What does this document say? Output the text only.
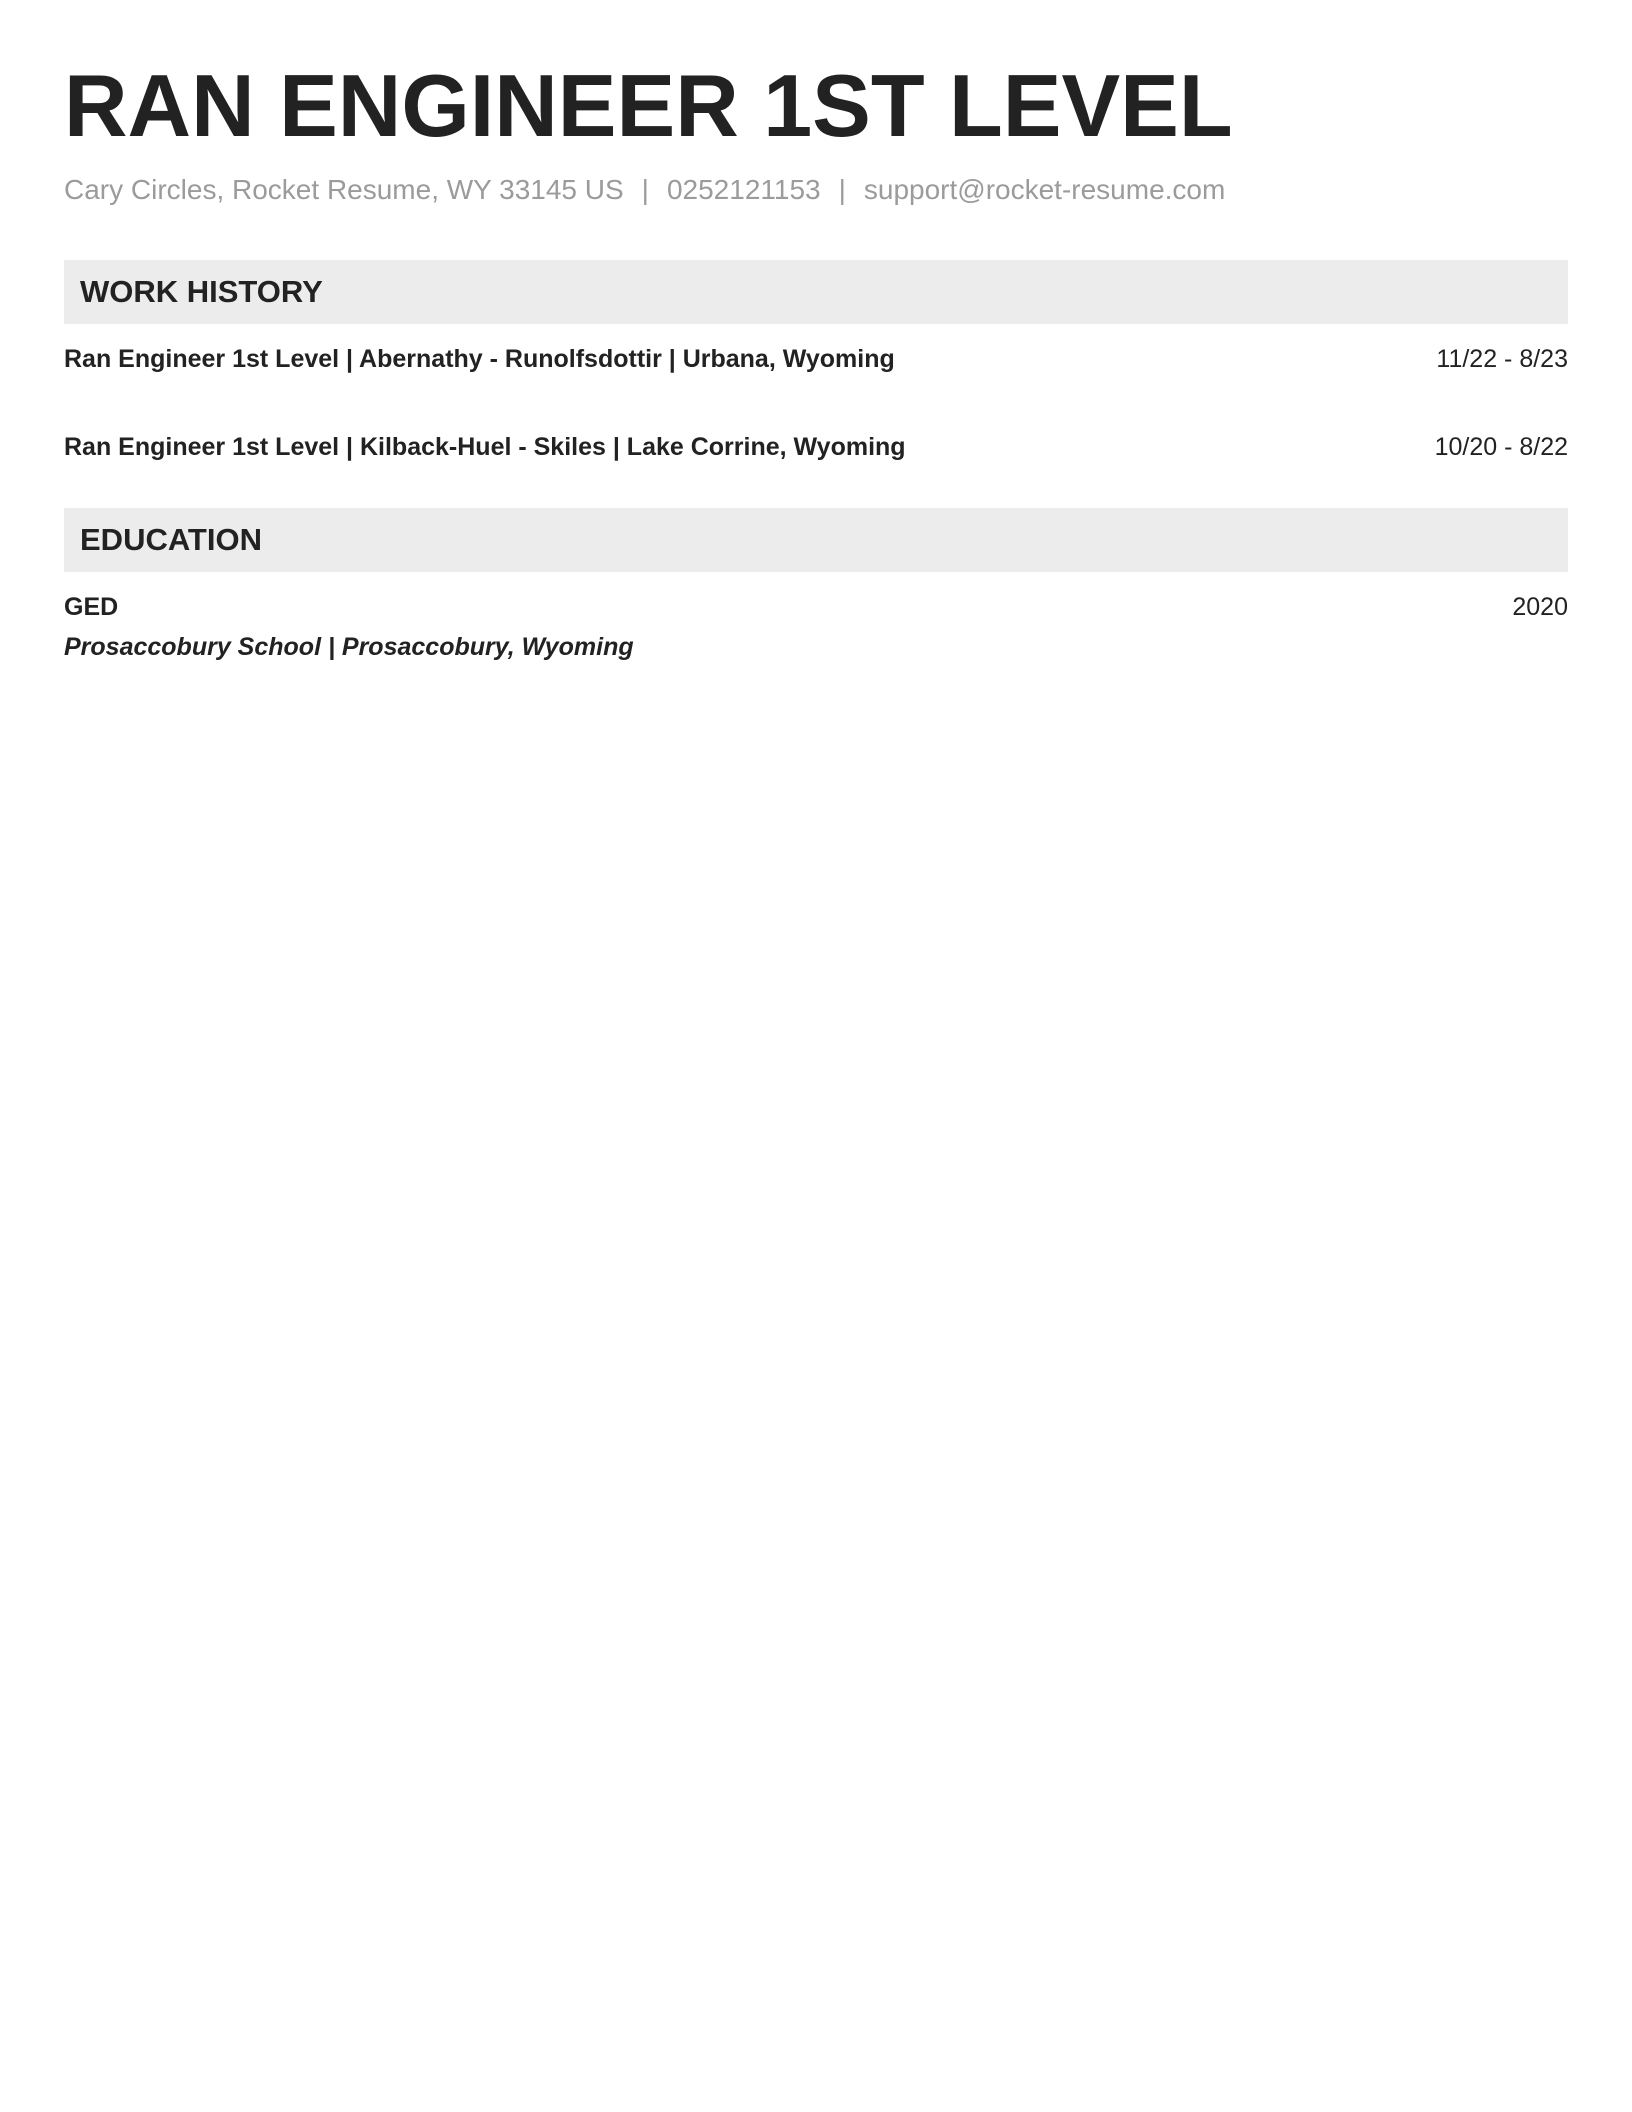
RAN ENGINEER 1ST LEVEL
Cary Circles, Rocket Resume, WY 33145 US | 0252121153 | support@rocket-resume.com
WORK HISTORY
Ran Engineer 1st Level | Abernathy - Runolfsdottir | Urbana, Wyoming	11/22 - 8/23
Ran Engineer 1st Level | Kilback-Huel - Skiles | Lake Corrine, Wyoming	10/20 - 8/22
EDUCATION
GED	2020
Prosaccobury School | Prosaccobury, Wyoming
